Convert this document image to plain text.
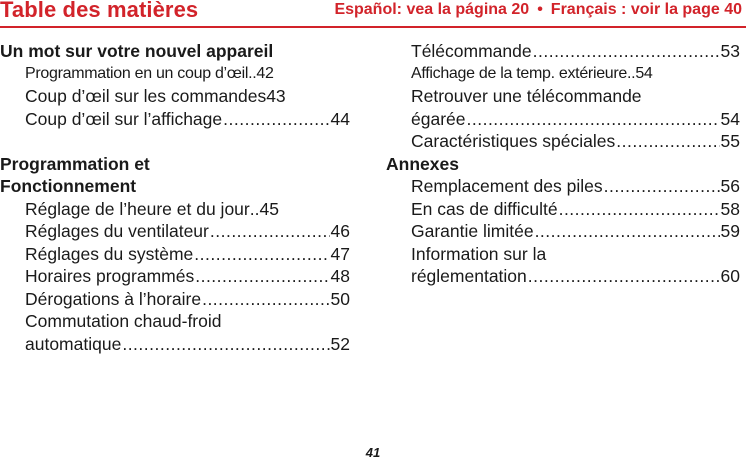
Table des matières	Español: vea la página 20 • Français : voir la page 40
Un mot sur votre nouvel appareil
Programmation en un coup d’œil ..42
Coup d’œil sur les commandes 43
Coup d’œil sur l’affichage .....	44
Programmation et
Fonctionnement
Réglage de l’heure et du jour ..45
Réglages du ventilateur .....	46
Réglages du système .....	47
Horaires programmés .....	48
Dérogations à l’horaire .....	50
Commutation chaud-froid
automatique .....	52
Télécommande .....	53
Affichage de la temp. extérieure ..54
Retrouver une télécommande
égarée .....	54
Caractéristiques spéciales .....	55
Annexes
Remplacement des piles .....	56
En cas de difficulté .....	58
Garantie limitée .....	59
Information sur la
réglementation .....	60
41
